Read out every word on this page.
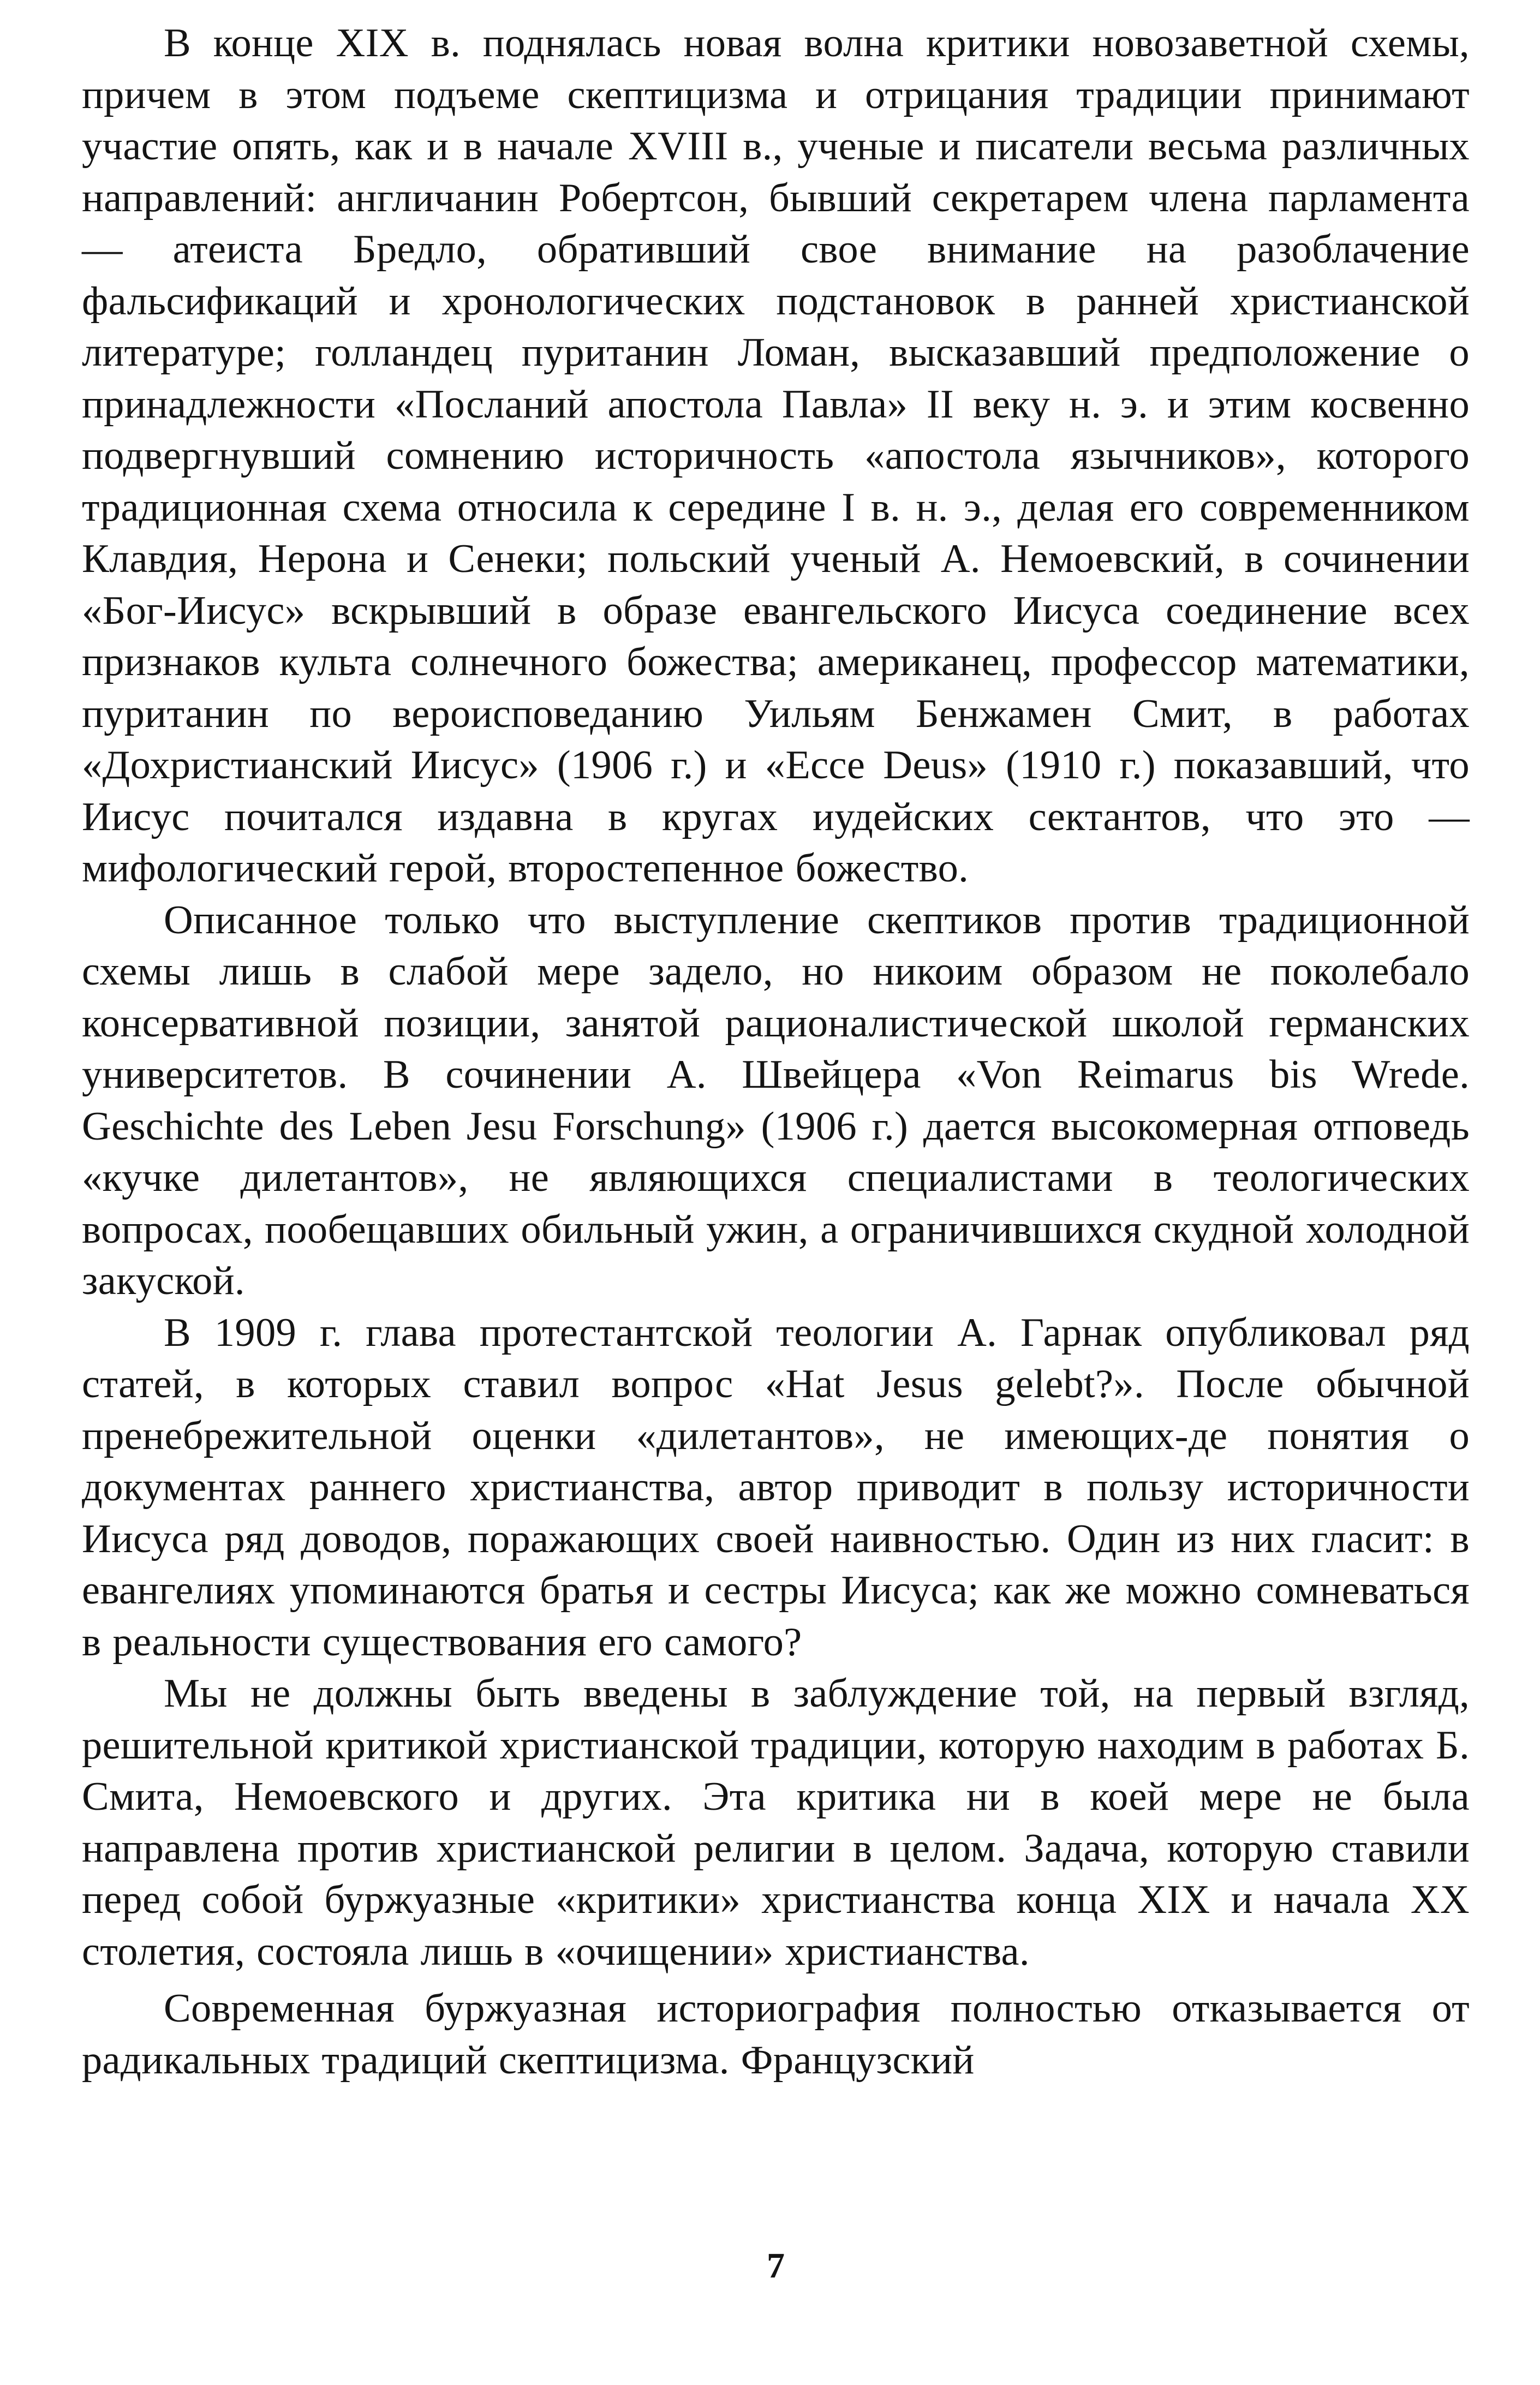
В конце XIX в. поднялась новая волна критики новозаветной схемы, причем в этом подъеме скептицизма и отрицания традиции принимают участие опять, как и в начале XVIII в., ученые и писатели весьма различных направлений: англичанин Робертсон, бывший секретарем члена парламента — атеиста Бредло, обративший свое внимание на разоблачение фальсификаций и хронологических подстановок в ранней христианской литературе; голландец пуританин Ломан, высказавший предположение о принадлежности «Посланий апостола Павла» II веку н. э. и этим косвенно подвергнувший сомнению историчность «апостола язычников», которого традиционная схема относила к середине I в. н. э., делая его современником Клавдия, Нерона и Сенеки; польский ученый А. Немоевский, в сочинении «Бог-Иисус» вскрывший в образе евангельского Иисуса соединение всех признаков культа солнечного божества; американец, профессор математики, пуританин по вероисповеданию Уильям Бенжамен Смит, в работах «Дохристианский Иисус» (1906 г.) и «Ecce Deus» (1910 г.) показавший, что Иисус почитался издавна в кругах иудейских сектантов, что это — мифологический герой, второстепенное божество.

Описанное только что выступление скептиков против традиционной схемы лишь в слабой мере задело, но никоим образом не поколебало консервативной позиции, занятой рационалистической школой германских университетов. В сочинении А. Швейцера «Von Reimarus bis Wrede. Geschichte des Leben Jesu Forschung» (1906 г.) дается высокомерная отповедь «кучке дилетантов», не являющихся специалистами в теологических вопросах, пообещавших обильный ужин, а ограничившихся скудной холодной закуской.

В 1909 г. глава протестантской теологии А. Гарнак опубликовал ряд статей, в которых ставил вопрос «Hat Jesus gelebt?». После обычной пренебрежительной оценки «дилетантов», не имеющих-де понятия о документах раннего христианства, автор приводит в пользу историчности Иисуса ряд доводов, поражающих своей наивностью. Один из них гласит: в евангелиях упоминаются братья и сестры Иисуса; как же можно сомневаться в реальности существования его самого?

Мы не должны быть введены в заблуждение той, на первый взгляд, решительной критикой христианской традиции, которую находим в работах Б. Смита, Немоевского и других. Эта критика ни в коей мере не была направлена против христианской религии в целом. Задача, которую ставили перед собой буржуазные «критики» христианства конца XIX и начала XX столетия, состояла лишь в «очищении» христианства.

Современная буржуазная историография полностью отказывается от радикальных традиций скептицизма. Французский

7
